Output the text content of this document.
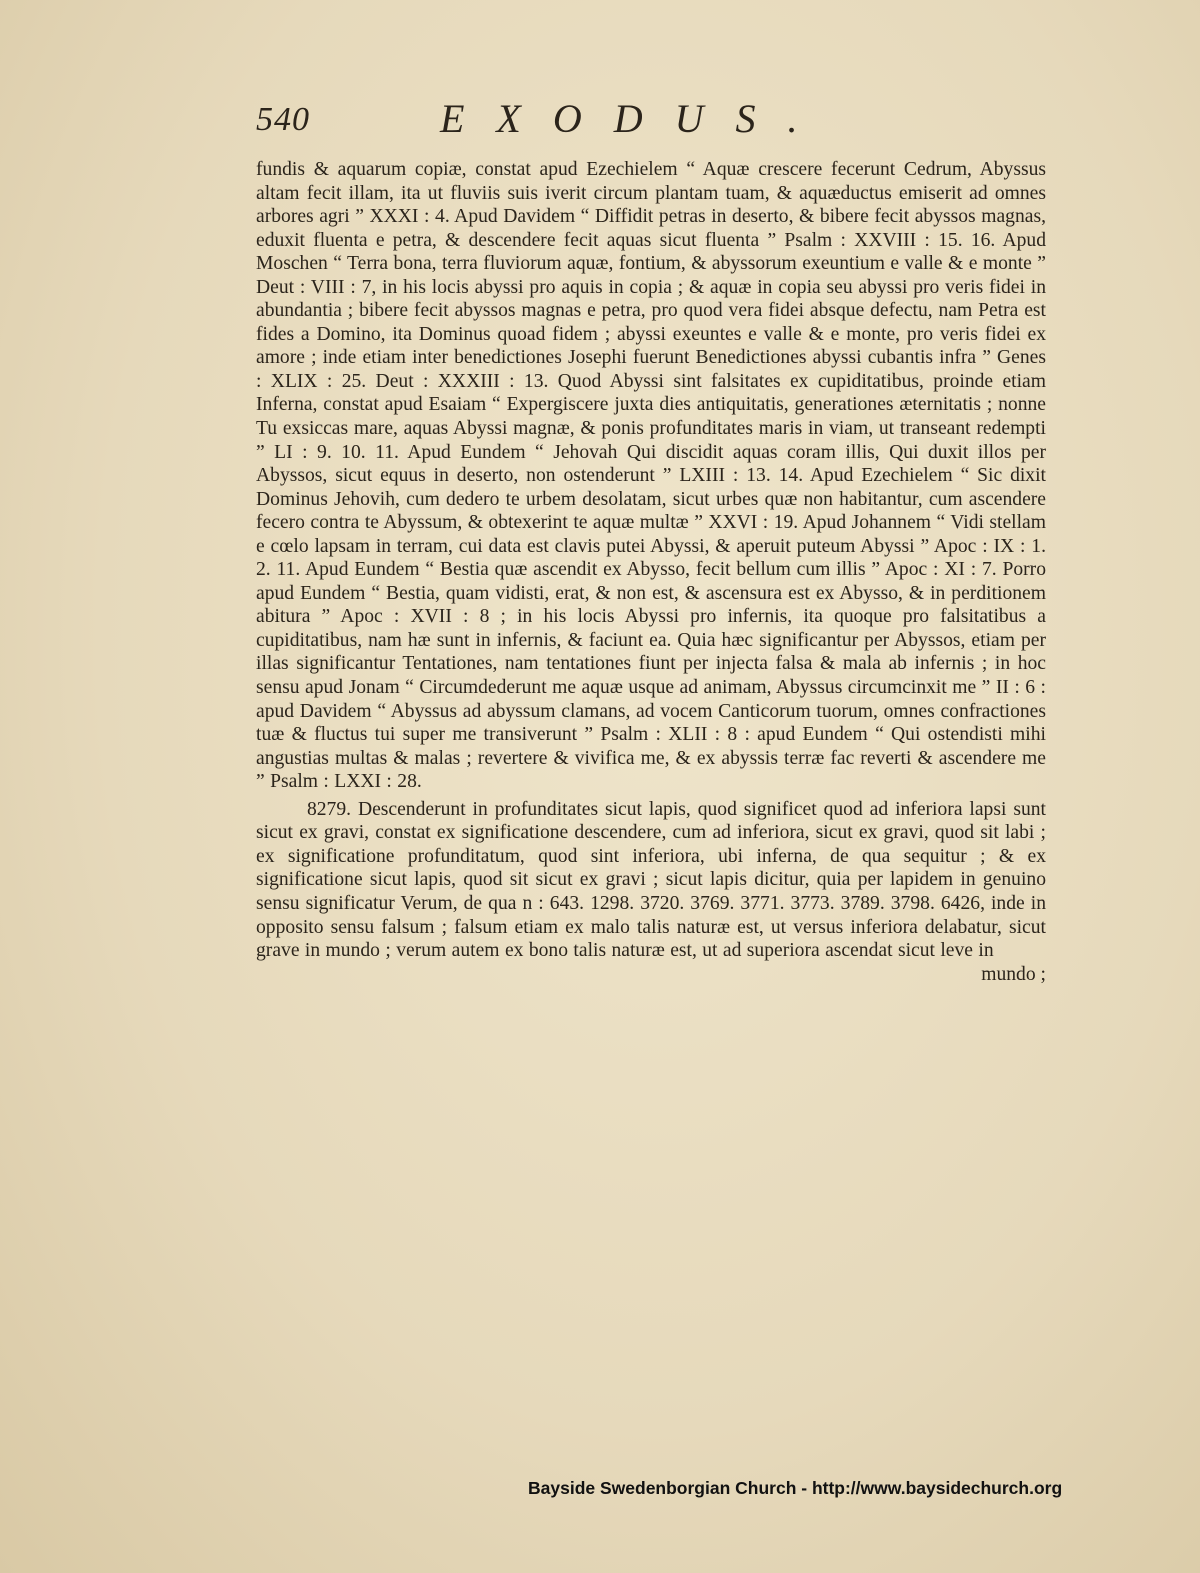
540	EXODUS.

fundis & aquarum copiæ, constat apud Ezechielem “ Aquæ crescere fecerunt Cedrum, Abyssus altam fecit illam, ita ut fluviis suis iverit circum plantam tuam, & aquæductus emiserit ad omnes arbores agri ” XXXI : 4. Apud Davidem “ Diffidit petras in deserto, & bibere fecit abyssos magnas, eduxit fluenta e petra, & descendere fecit aquas sicut fluenta ” Psalm : XXVIII : 15. 16. Apud Moschen “ Terra bona, terra fluviorum aquæ, fontium, & abyssorum exeuntium e valle & e monte ” Deut : VIII : 7, in his locis abyssi pro aquis in copia ; & aquæ in copia seu abyssi pro veris fidei in abundantia ; bibere fecit abyssos magnas e petra, pro quod vera fidei absque defectu, nam Petra est fides a Domino, ita Dominus quoad fidem ; abyssi exeuntes e valle & e monte, pro veris fidei ex amore ; inde etiam inter benedictiones Josephi fuerunt Benedictiones abyssi cubantis infra ” Genes : XLIX : 25. Deut : XXXIII : 13. Quod Abyssi sint falsitates ex cupiditatibus, proinde etiam Inferna, constat apud Esaiam “ Expergiscere juxta dies antiquitatis, generationes æternitatis ; nonne Tu exsiccas mare, aquas Abyssi magnæ, & ponis profunditates maris in viam, ut transeant redempti ” LI : 9. 10. 11. Apud Eundem “ Jehovah Qui discidit aquas coram illis, Qui duxit illos per Abyssos, sicut equus in deserto, non ostenderunt ” LXIII : 13. 14. Apud Ezechielem “ Sic dixit Dominus Jehovih, cum dedero te urbem desolatam, sicut urbes quæ non habitantur, cum ascendere fecero contra te Abyssum, & obtexerint te aquæ multæ ” XXVI : 19. Apud Johannem “ Vidi stellam e cœlo lapsam in terram, cui data est clavis putei Abyssi, & aperuit puteum Abyssi ” Apoc : IX : 1. 2. 11. Apud Eundem “ Bestia quæ ascendit ex Abysso, fecit bellum cum illis ” Apoc : XI : 7. Porro apud Eundem “ Bestia, quam vidisti, erat, & non est, & ascensura est ex Abysso, & in perditionem abitura ” Apoc : XVII : 8 ; in his locis Abyssi pro infernis, ita quoque pro falsitatibus a cupiditatibus, nam hæ sunt in infernis, & faciunt ea. Quia hæc significantur per Abyssos, etiam per illas significantur Tentationes, nam tentationes fiunt per injecta falsa & mala ab infernis ; in hoc sensu apud Jonam “ Circumdederunt me aquæ usque ad animam, Abyssus circumcinxit me ” II : 6 : apud Davidem “ Abyssus ad abyssum clamans, ad vocem Canticorum tuorum, omnes confractiones tuæ & fluctus tui super me transiverunt ” Psalm : XLII : 8 : apud Eundem “ Qui ostendisti mihi angustias multas & malas ; revertere & vivifica me, & ex abyssis terræ fac reverti & ascendere me ” Psalm : LXXI : 28.

8279. Descenderunt in profunditates sicut lapis, quod significet quod ad inferiora lapsi sunt sicut ex gravi, constat ex significatione descendere, cum ad inferiora, sicut ex gravi, quod sit labi ; ex significatione profunditatum, quod sint inferiora, ubi inferna, de qua sequitur ; & ex significatione sicut lapis, quod sit sicut ex gravi ; sicut lapis dicitur, quia per lapidem in genuino sensu significatur Verum, de qua n : 643. 1298. 3720. 3769. 3771. 3773. 3789. 3798. 6426, inde in opposito sensu falsum ; falsum etiam ex malo talis naturæ est, ut versus inferiora delabatur, sicut grave in mundo ; verum autem ex bono talis naturæ est, ut ad superiora ascendat sicut leve in

mundo ;

Bayside Swedenborgian Church - http://www.baysidechurch.org
